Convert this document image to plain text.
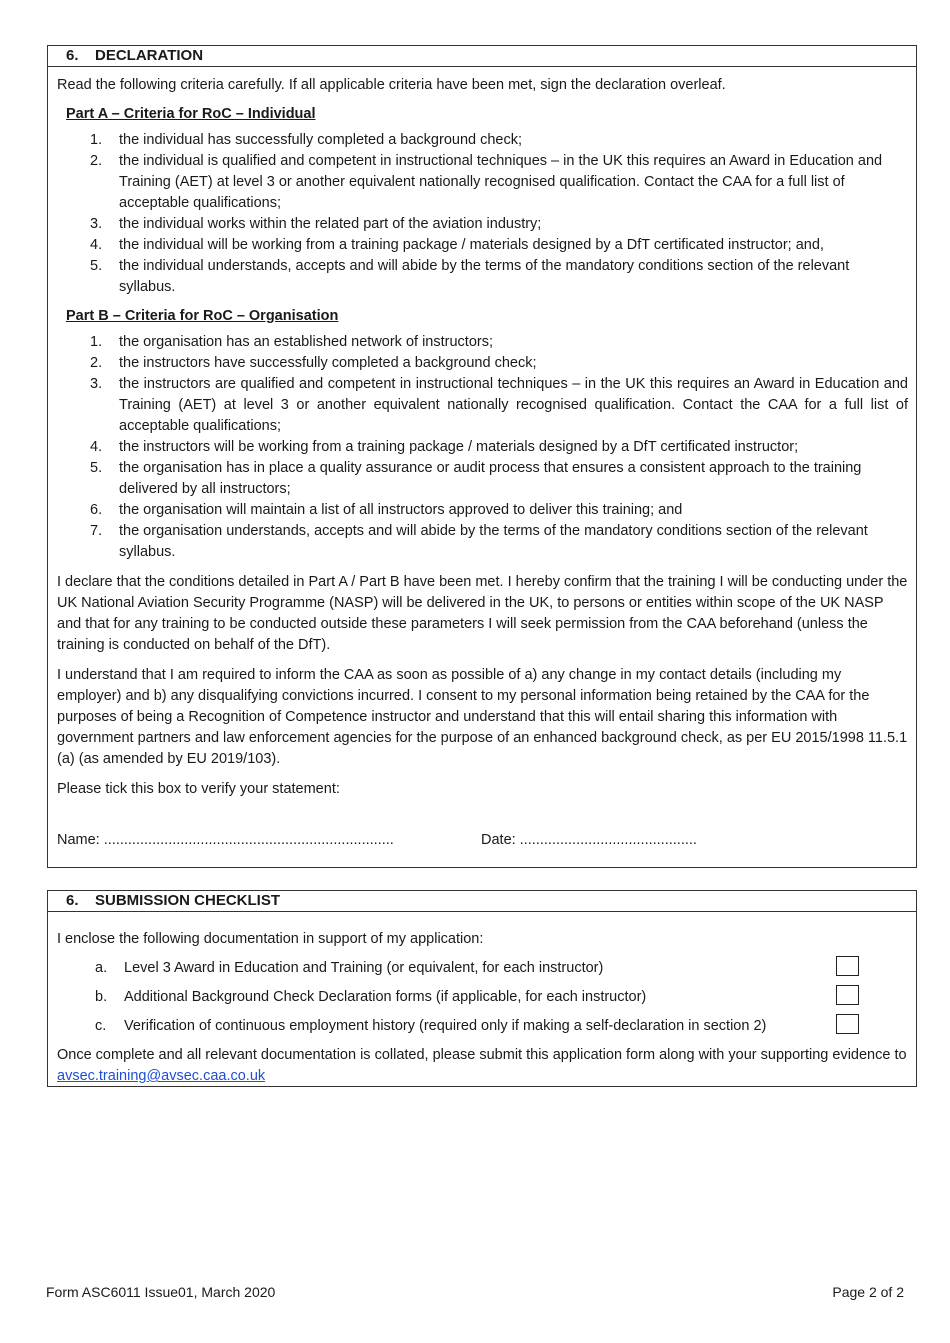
6. DECLARATION

Read the following criteria carefully. If all applicable criteria have been met, sign the declaration overleaf.

Part A – Criteria for RoC – Individual
1. the individual has successfully completed a background check;
2. the individual is qualified and competent in instructional techniques – in the UK this requires an Award in Education and Training (AET) at level 3 or another equivalent nationally recognised qualification. Contact the CAA for a full list of acceptable qualifications;
3. the individual works within the related part of the aviation industry;
4. the individual will be working from a training package / materials designed by a DfT certificated instructor; and,
5. the individual understands, accepts and will abide by the terms of the mandatory conditions section of the relevant syllabus.
Part B – Criteria for RoC – Organisation
1. the organisation has an established network of instructors;
2. the instructors have successfully completed a background check;
3. the instructors are qualified and competent in instructional techniques – in the UK this requires an Award in Education and Training (AET) at level 3 or another equivalent nationally recognised qualification. Contact the CAA for a full list of acceptable qualifications;
4. the instructors will be working from a training package / materials designed by a DfT certificated instructor;
5. the organisation has in place a quality assurance or audit process that ensures a consistent approach to the training delivered by all instructors;
6. the organisation will maintain a list of all instructors approved to deliver this training; and
7. the organisation understands, accepts and will abide by the terms of the mandatory conditions section of the relevant syllabus.

I declare that the conditions detailed in Part A / Part B have been met. I hereby confirm that the training I will be conducting under the UK National Aviation Security Programme (NASP) will be delivered in the UK, to persons or entities within scope of the UK NASP and that for any training to be conducted outside these parameters I will seek permission from the CAA beforehand (unless the training is conducted on behalf of the DfT).

I understand that I am required to inform the CAA as soon as possible of a) any change in my contact details (including my employer) and b) any disqualifying convictions incurred. I consent to my personal information being retained by the CAA for the purposes of being a Recognition of Competence instructor and understand that this will entail sharing this information with government partners and law enforcement agencies for the purpose of an enhanced background check, as per EU 2015/1998 11.5.1 (a) (as amended by EU 2019/103).

Please tick this box to verify your statement:

Name: ........................................................................	Date: ............................................
6. SUBMISSION CHECKLIST

I enclose the following documentation in support of my application:

a. Level 3 Award in Education and Training (or equivalent, for each instructor)
b. Additional Background Check Declaration forms (if applicable, for each instructor)
c. Verification of continuous employment history (required only if making a self-declaration in section 2)

Once complete and all relevant documentation is collated, please submit this application form along with your supporting evidence to avsec.training@avsec.caa.co.uk

Form ASC6011 Issue01, March 2020	Page 2 of 2
